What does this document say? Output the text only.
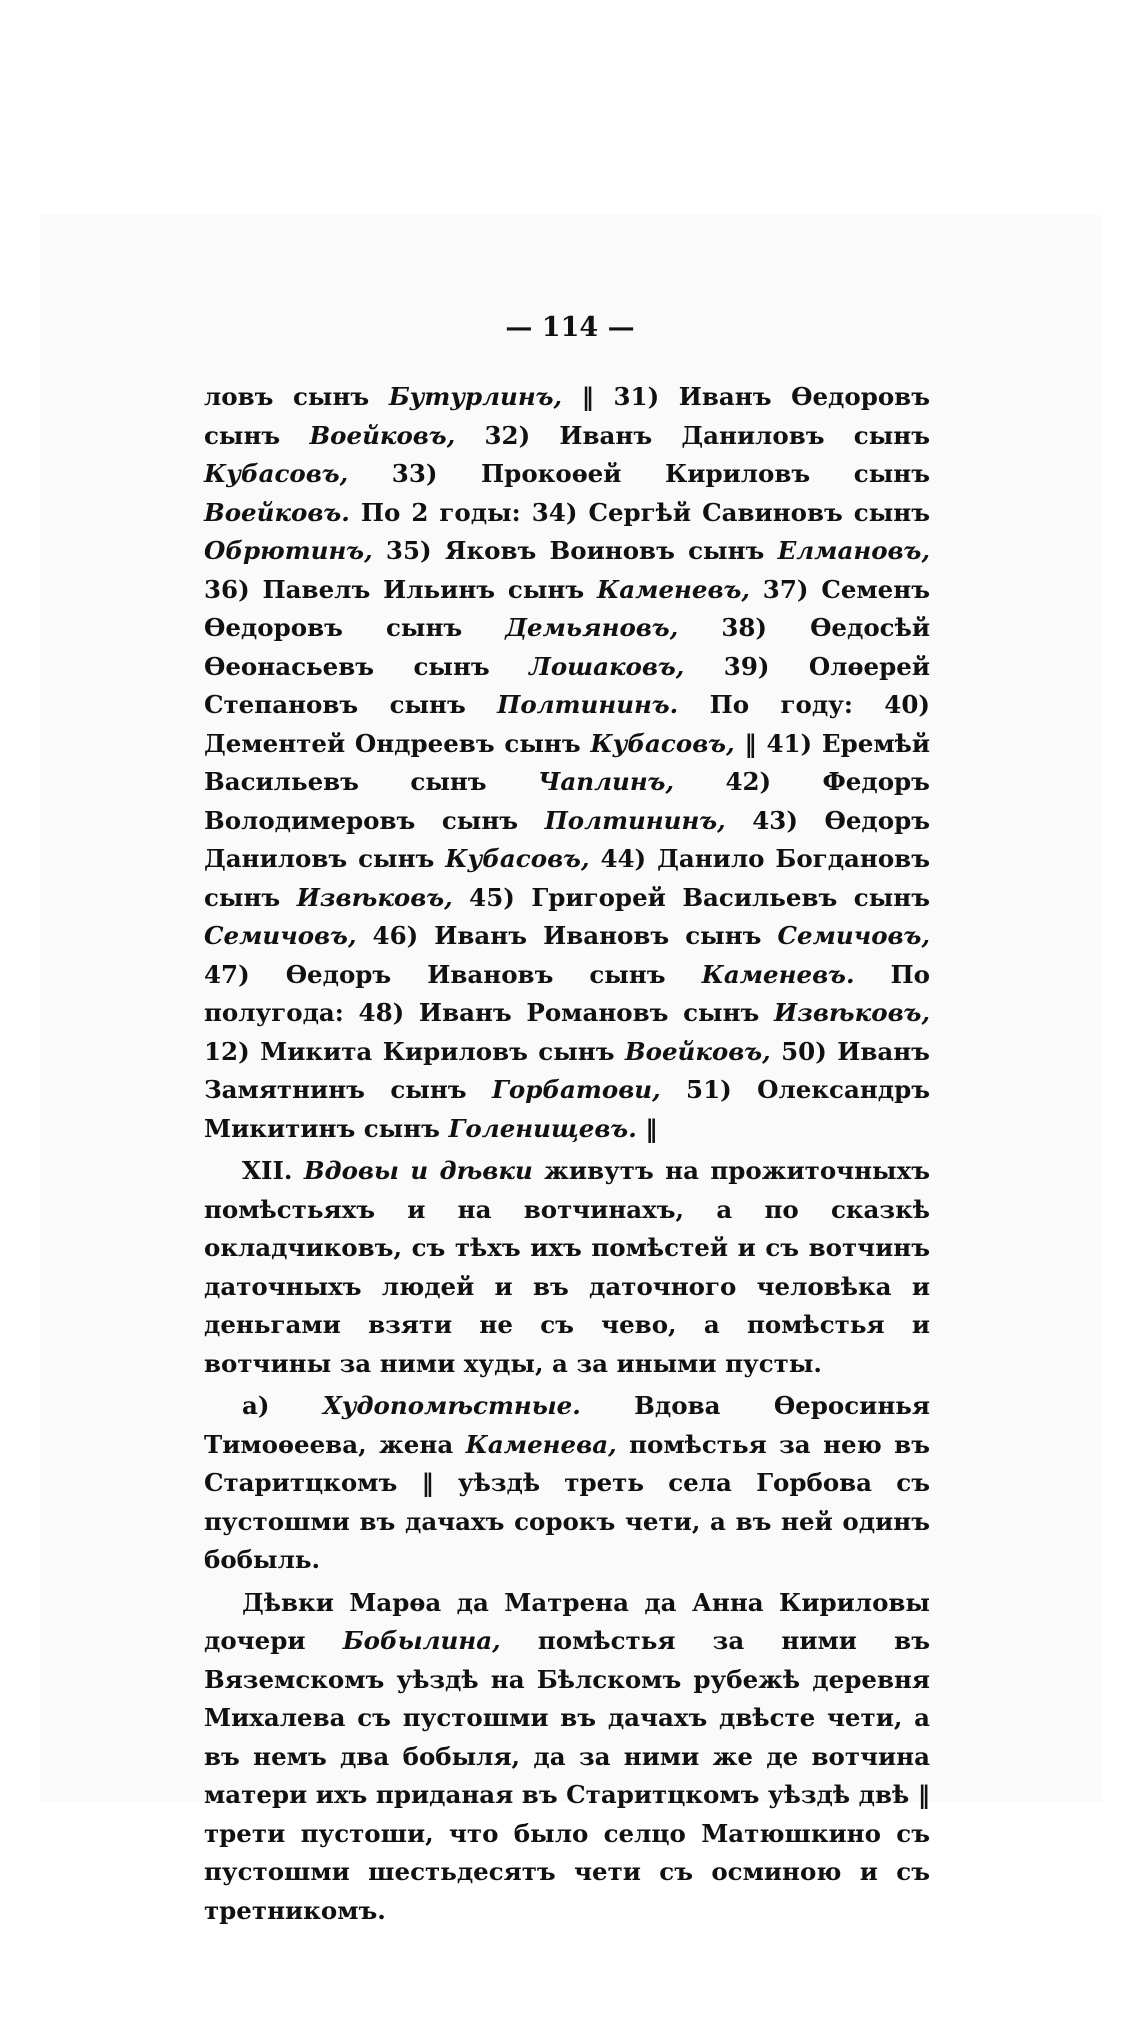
— 114 —

ловъ сынъ Бутурлинъ, ‖ 31) Иванъ Ѳедоровъ сынъ Воейковъ, 32) Иванъ Даниловъ сынъ Кубасовъ, 33) Прокоѳей Кириловъ сынъ Воейковъ. По 2 годы: 34) Сергѣй Савиновъ сынъ Обрютинъ, 35) Яковъ Воиновъ сынъ Елмановъ, 36) Павелъ Ильинъ сынъ Каменевъ, 37) Семенъ Ѳедоровъ сынъ Демьяновъ, 38) Ѳедосѣй Ѳеонасьевъ сынъ Лошаковъ, 39) Олѳерей Степановъ сынъ Полтининъ. По году: 40) Дементей Ондреевъ сынъ Кубасовъ, ‖ 41) Еремѣй Васильевъ сынъ Чаплинъ, 42) Федоръ Володимеровъ сынъ Полтининъ, 43) Ѳедоръ Даниловъ сынъ Кубасовъ, 44) Данило Богдановъ сынъ Извѣковъ, 45) Григорей Васильевъ сынъ Семичовъ, 46) Иванъ Ивановъ сынъ Семичовъ, 47) Ѳедоръ Ивановъ сынъ Каменевъ. По полугода: 48) Иванъ Романовъ сынъ Извѣковъ, 12) Микита Кириловъ сынъ Воейковъ, 50) Иванъ Замятнинъ сынъ Горбатови, 51) Олександръ Микитинъ сынъ Голенищевъ. ‖

XII. Вдовы и дѣвки живутъ на прожиточныхъ помѣстьяхъ и на вотчинахъ, а по сказкѣ окладчиковъ, съ тѣхъ ихъ помѣстей и съ вотчинъ даточныхъ людей и въ даточного человѣка и деньгами взяти не съ чево, а помѣстья и вотчины за ними худы, а за иными пусты.

а) Худопомѣстные. Вдова Ѳеросинья Тимоѳеева, жена Каменева, помѣстья за нею въ Старитцкомъ ‖ уѣздѣ треть села Горбова съ пустошми въ дачахъ сорокъ чети, а въ ней одинъ бобыль.

Дѣвки Марѳа да Матрена да Анна Кириловы дочери Бобылина, помѣстья за ними въ Вяземскомъ уѣздѣ на Бѣлскомъ рубежѣ деревня Михалева съ пустошми въ дачахъ двѣсте чети, а въ немъ два бобыля, да за ними же де вотчина матери ихъ приданая въ Старитцкомъ уѣздѣ двѣ ‖ трети пустоши, что было селцо Матюшкино съ пустошми шестьдесятъ чети съ осминою и съ третникомъ.
